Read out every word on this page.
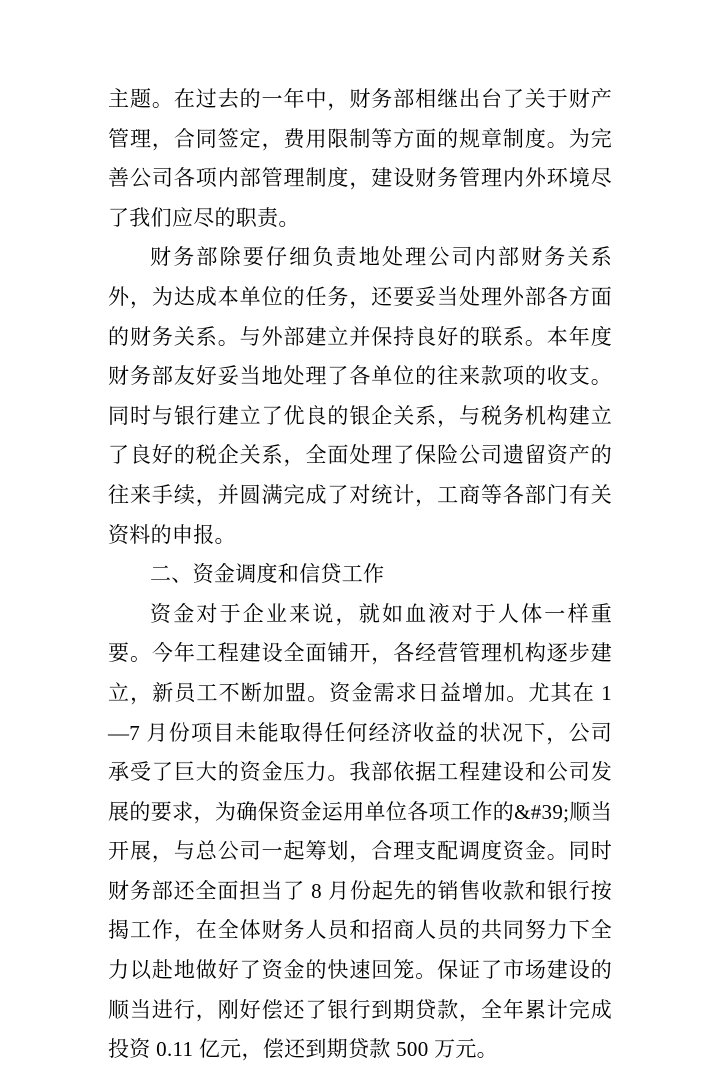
主题。在过去的一年中，财务部相继出台了关于财产管理，合同签定，费用限制等方面的规章制度。为完善公司各项内部管理制度，建设财务管理内外环境尽了我们应尽的职责。

财务部除要仔细负责地处理公司内部财务关系外，为达成本单位的任务，还要妥当处理外部各方面的财务关系。与外部建立并保持良好的联系。本年度财务部友好妥当地处理了各单位的往来款项的收支。同时与银行建立了优良的银企关系，与税务机构建立了良好的税企关系，全面处理了保险公司遗留资产的往来手续，并圆满完成了对统计，工商等各部门有关资料的申报。

二、资金调度和信贷工作

资金对于企业来说，就如血液对于人体一样重要。今年工程建设全面铺开，各经营管理机构逐步建立，新员工不断加盟。资金需求日益增加。尤其在 1—7 月份项目未能取得任何经济收益的状况下，公司承受了巨大的资金压力。我部依据工程建设和公司发展的要求，为确保资金运用单位各项工作的&#39;顺当开展，与总公司一起筹划，合理支配调度资金。同时财务部还全面担当了 8 月份起先的销售收款和银行按揭工作，在全体财务人员和招商人员的共同努力下全力以赴地做好了资金的快速回笼。保证了市场建设的顺当进行，刚好偿还了银行到期贷款，全年累计完成投资 0.11 亿元，偿还到期贷款 500 万元。
